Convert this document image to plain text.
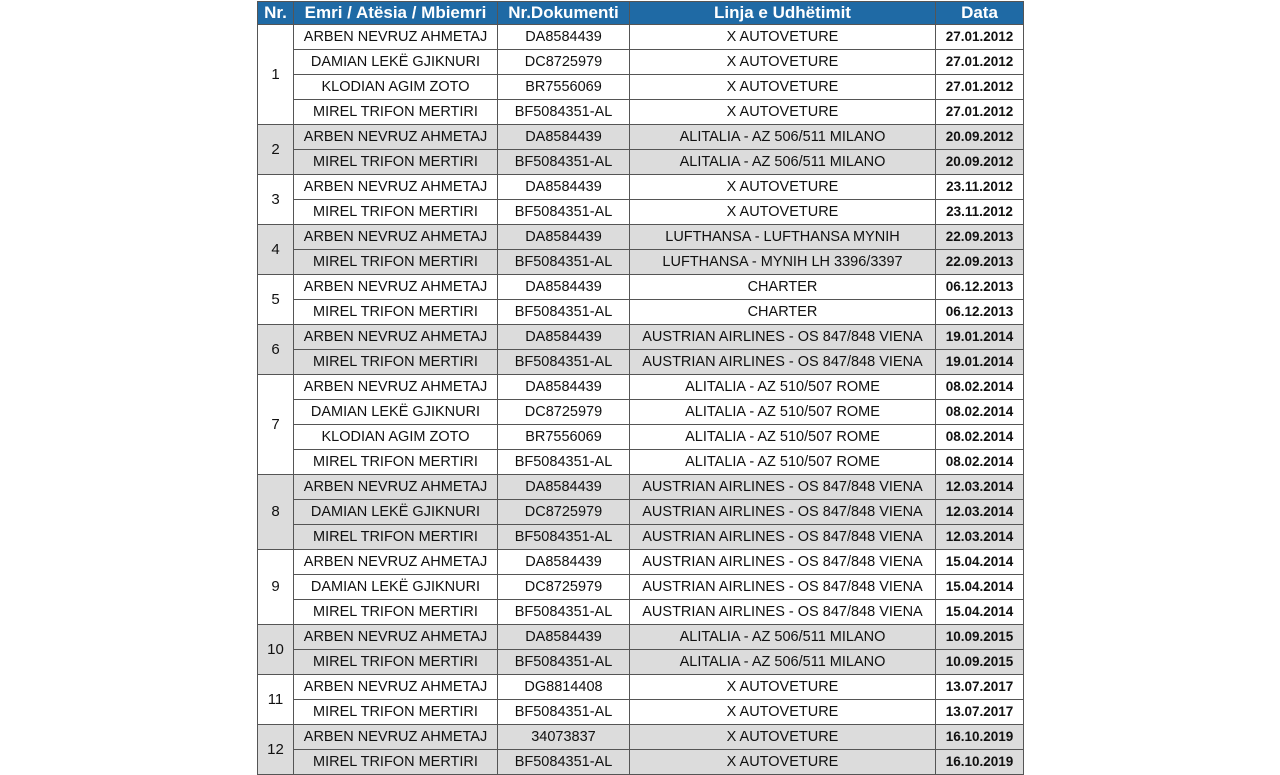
Nr.	Emri / Atësia / Mbiemri	Nr.Dokumenti	Linja e Udhëtimit	Data
1	ARBEN NEVRUZ AHMETAJ	DA8584439	X AUTOVETURE	27.01.2012
	DAMIAN LEKË GJIKNURI	DC8725979	X AUTOVETURE	27.01.2012
	KLODIAN AGIM ZOTO	BR7556069	X AUTOVETURE	27.01.2012
	MIREL TRIFON MERTIRI	BF5084351-AL	X AUTOVETURE	27.01.2012
2	ARBEN NEVRUZ AHMETAJ	DA8584439	ALITALIA - AZ 506/511 MILANO	20.09.2012
	MIREL TRIFON MERTIRI	BF5084351-AL	ALITALIA - AZ 506/511 MILANO	20.09.2012
3	ARBEN NEVRUZ AHMETAJ	DA8584439	X AUTOVETURE	23.11.2012
	MIREL TRIFON MERTIRI	BF5084351-AL	X AUTOVETURE	23.11.2012
4	ARBEN NEVRUZ AHMETAJ	DA8584439	LUFTHANSA - LUFTHANSA MYNIH	22.09.2013
	MIREL TRIFON MERTIRI	BF5084351-AL	LUFTHANSA - MYNIH LH 3396/3397	22.09.2013
5	ARBEN NEVRUZ AHMETAJ	DA8584439	CHARTER	06.12.2013
	MIREL TRIFON MERTIRI	BF5084351-AL	CHARTER	06.12.2013
6	ARBEN NEVRUZ AHMETAJ	DA8584439	AUSTRIAN AIRLINES - OS 847/848 VIENA	19.01.2014
	MIREL TRIFON MERTIRI	BF5084351-AL	AUSTRIAN AIRLINES - OS 847/848 VIENA	19.01.2014
7	ARBEN NEVRUZ AHMETAJ	DA8584439	ALITALIA - AZ 510/507 ROME	08.02.2014
	DAMIAN LEKË GJIKNURI	DC8725979	ALITALIA - AZ 510/507 ROME	08.02.2014
	KLODIAN AGIM ZOTO	BR7556069	ALITALIA - AZ 510/507 ROME	08.02.2014
	MIREL TRIFON MERTIRI	BF5084351-AL	ALITALIA - AZ 510/507 ROME	08.02.2014
8	ARBEN NEVRUZ AHMETAJ	DA8584439	AUSTRIAN AIRLINES - OS 847/848 VIENA	12.03.2014
	DAMIAN LEKË GJIKNURI	DC8725979	AUSTRIAN AIRLINES - OS 847/848 VIENA	12.03.2014
	MIREL TRIFON MERTIRI	BF5084351-AL	AUSTRIAN AIRLINES - OS 847/848 VIENA	12.03.2014
9	ARBEN NEVRUZ AHMETAJ	DA8584439	AUSTRIAN AIRLINES - OS 847/848 VIENA	15.04.2014
	DAMIAN LEKË GJIKNURI	DC8725979	AUSTRIAN AIRLINES - OS 847/848 VIENA	15.04.2014
	MIREL TRIFON MERTIRI	BF5084351-AL	AUSTRIAN AIRLINES - OS 847/848 VIENA	15.04.2014
10	ARBEN NEVRUZ AHMETAJ	DA8584439	ALITALIA - AZ 506/511 MILANO	10.09.2015
	MIREL TRIFON MERTIRI	BF5084351-AL	ALITALIA - AZ 506/511 MILANO	10.09.2015
11	ARBEN NEVRUZ AHMETAJ	DG8814408	X AUTOVETURE	13.07.2017
	MIREL TRIFON MERTIRI	BF5084351-AL	X AUTOVETURE	13.07.2017
12	ARBEN NEVRUZ AHMETAJ	34073837	X AUTOVETURE	16.10.2019
	MIREL TRIFON MERTIRI	BF5084351-AL	X AUTOVETURE	16.10.2019
